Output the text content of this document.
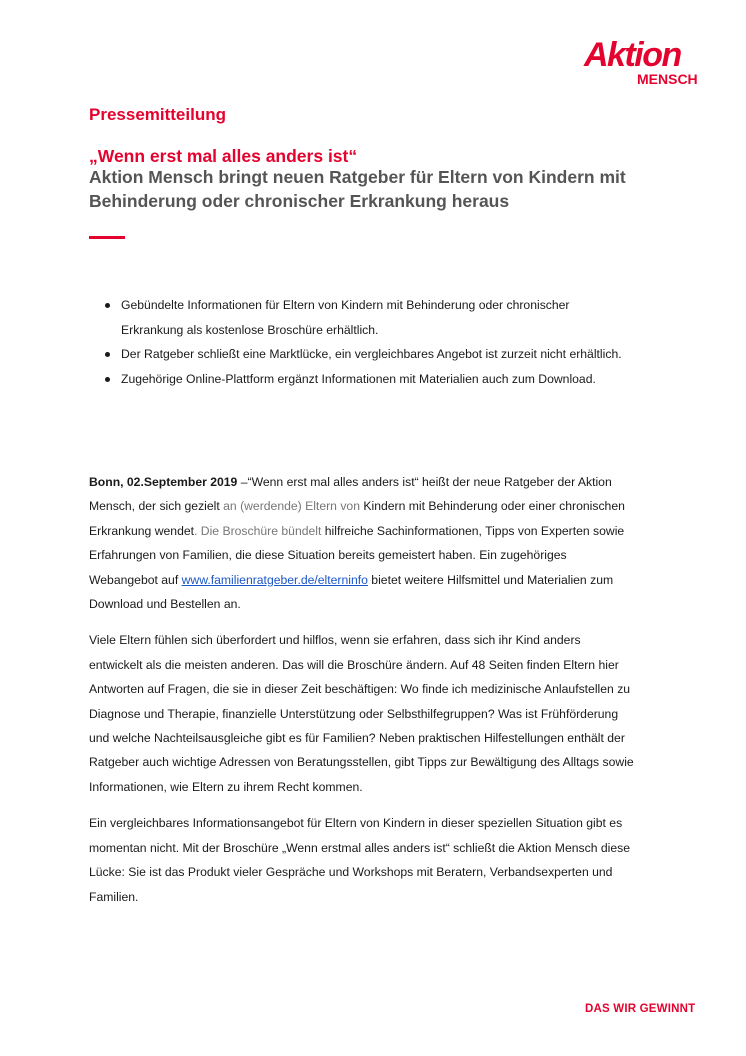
Aktion
MENSCH
Pressemitteilung
„Wenn erst mal alles anders ist“
Aktion Mensch bringt neuen Ratgeber für Eltern von Kindern mit Behinderung oder chronischer Erkrankung heraus
Gebündelte Informationen für Eltern von Kindern mit Behinderung oder chronischer Erkrankung als kostenlose Broschüre erhältlich.
Der Ratgeber schließt eine Marktlücke, ein vergleichbares Angebot ist zurzeit nicht erhältlich.
Zugehörige Online-Plattform ergänzt Informationen mit Materialien auch zum Download.

Bonn, 02.September 2019 –“Wenn erst mal alles anders ist“ heißt der neue Ratgeber der Aktion Mensch, der sich gezielt an (werdende) Eltern von Kindern mit Behinderung oder einer chronischen Erkrankung wendet. Die Broschüre bündelt hilfreiche Sachinformationen, Tipps von Experten sowie Erfahrungen von Familien, die diese Situation bereits gemeistert haben. Ein zugehöriges Webangebot auf www.familienratgeber.de/elterninfo bietet weitere Hilfsmittel und Materialien zum Download und Bestellen an.

Viele Eltern fühlen sich überfordert und hilflos, wenn sie erfahren, dass sich ihr Kind anders entwickelt als die meisten anderen. Das will die Broschüre ändern. Auf 48 Seiten finden Eltern hier Antworten auf Fragen, die sie in dieser Zeit beschäftigen: Wo finde ich medizinische Anlaufstellen zu Diagnose und Therapie, finanzielle Unterstützung oder Selbsthilfegruppen? Was ist Frühförderung und welche Nachteilsausgleiche gibt es für Familien? Neben praktischen Hilfestellungen enthält der Ratgeber auch wichtige Adressen von Beratungsstellen, gibt Tipps zur Bewältigung des Alltags sowie Informationen, wie Eltern zu ihrem Recht kommen.

Ein vergleichbares Informationsangebot für Eltern von Kindern in dieser speziellen Situation gibt es momentan nicht. Mit der Broschüre „Wenn erstmal alles anders ist“ schließt die Aktion Mensch diese Lücke: Sie ist das Produkt vieler Gespräche und Workshops mit Beratern, Verbandsexperten und Familien.

DAS WIR GEWINNT
